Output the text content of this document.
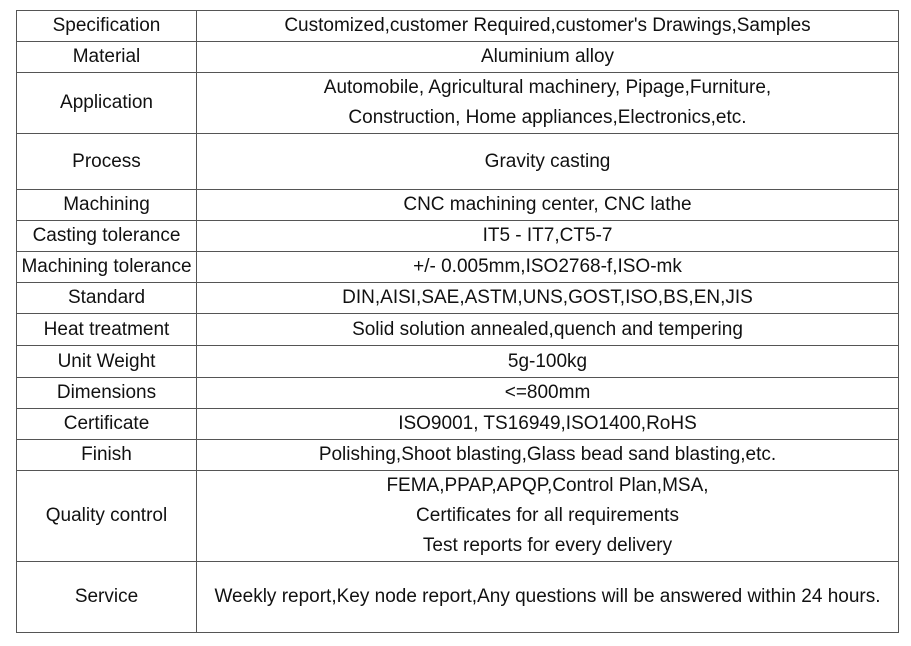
Specification	Customized,customer Required,customer's Drawings,Samples

Material	Aluminium alloy

Application	Automobile, Agricultural machinery, Pipage,Furniture,
Construction, Home appliances,Electronics,etc.

Process	Gravity casting

Machining	CNC machining center, CNC lathe

Casting tolerance	IT5 - IT7,CT5-7

Machining tolerance	+/- 0.005mm,ISO2768-f,ISO-mk

Standard	DIN,AISI,SAE,ASTM,UNS,GOST,ISO,BS,EN,JIS

Heat treatment	Solid solution annealed,quench and tempering

Unit Weight	5g-100kg

Dimensions	<=800mm

Certificate	ISO9001, TS16949,ISO1400,RoHS

Finish	Polishing,Shoot blasting,Glass bead sand blasting,etc.

Quality control	FEMA,PPAP,APQP,Control Plan,MSA,
Certificates for all requirements
Test reports for every delivery

Service	Weekly report,Key node report,Any questions will be answered within 24 hours.
